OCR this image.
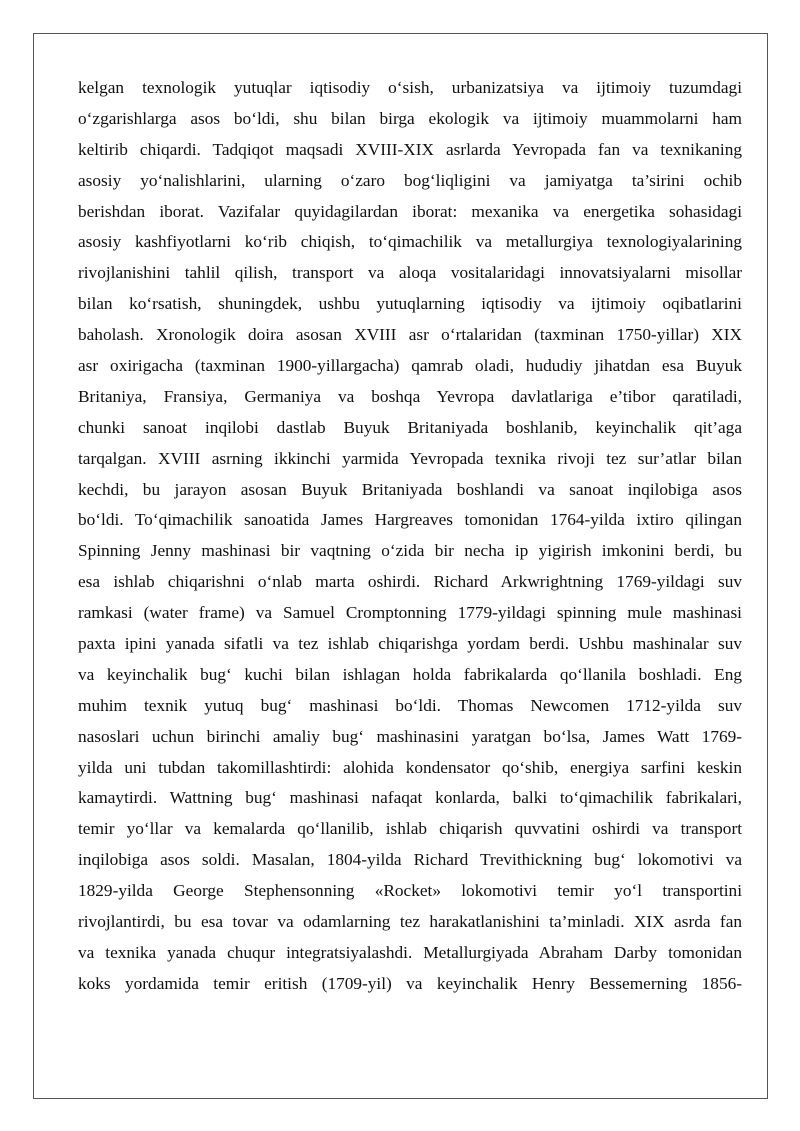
kelgan texnologik yutuqlar iqtisodiy o‘sish, urbanizatsiya va ijtimoiy tuzumdagi
o‘zgarishlarga asos bo‘ldi, shu bilan birga ekologik va ijtimoiy muammolarni ham
keltirib chiqardi. Tadqiqot maqsadi XVIII-XIX asrlarda Yevropada fan va texnikaning
asosiy yo‘nalishlarini, ularning o‘zaro bog‘liqligini va jamiyatga ta’sirini ochib
berishdan iborat. Vazifalar quyidagilardan iborat: mexanika va energetika sohasidagi
asosiy kashfiyotlarni ko‘rib chiqish, to‘qimachilik va metallurgiya texnologiyalarining
rivojlanishini tahlil qilish, transport va aloqa vositalaridagi innovatsiyalarni misollar
bilan ko‘rsatish, shuningdek, ushbu yutuqlarning iqtisodiy va ijtimoiy oqibatlarini
baholash. Xronologik doira asosan XVIII asr o‘rtalaridan (taxminan 1750-yillar) XIX
asr oxirigacha (taxminan 1900-yillargacha) qamrab oladi, hududiy jihatdan esa Buyuk
Britaniya, Fransiya, Germaniya va boshqa Yevropa davlatlariga e’tibor qaratiladi,
chunki sanoat inqilobi dastlab Buyuk Britaniyada boshlanib, keyinchalik qit’aga
tarqalgan. XVIII asrning ikkinchi yarmida Yevropada texnika rivoji tez sur’atlar bilan
kechdi, bu jarayon asosan Buyuk Britaniyada boshlandi va sanoat inqilobiga asos
bo‘ldi. To‘qimachilik sanoatida James Hargreaves tomonidan 1764-yilda ixtiro qilingan
Spinning Jenny mashinasi bir vaqtning o‘zida bir necha ip yigirish imkonini berdi, bu
esa ishlab chiqarishni o‘nlab marta oshirdi. Richard Arkwrightning 1769-yildagi suv
ramkasi (water frame) va Samuel Cromptonning 1779-yildagi spinning mule mashinasi
paxta ipini yanada sifatli va tez ishlab chiqarishga yordam berdi. Ushbu mashinalar suv
va keyinchalik bug‘ kuchi bilan ishlagan holda fabrikalarda qo‘llanila boshladi. Eng
muhim texnik yutuq bug‘ mashinasi bo‘ldi. Thomas Newcomen 1712-yilda suv
nasoslari uchun birinchi amaliy bug‘ mashinasini yaratgan bo‘lsa, James Watt 1769-
yilda uni tubdan takomillashtirdi: alohida kondensator qo‘shib, energiya sarfini keskin
kamaytirdi. Wattning bug‘ mashinasi nafaqat konlarda, balki to‘qimachilik fabrikalari,
temir yo‘llar va kemalarda qo‘llanilib, ishlab chiqarish quvvatini oshirdi va transport
inqilobiga asos soldi. Masalan, 1804-yilda Richard Trevithickning bug‘ lokomotivi va
1829-yilda George Stephensonning «Rocket» lokomotivi temir yo‘l transportini
rivojlantirdi, bu esa tovar va odamlarning tez harakatlanishini ta’minladi. XIX asrda fan
va texnika yanada chuqur integratsiyalashdi. Metallurgiyada Abraham Darby tomonidan
koks yordamida temir eritish (1709-yil) va keyinchalik Henry Bessemerning 1856-
